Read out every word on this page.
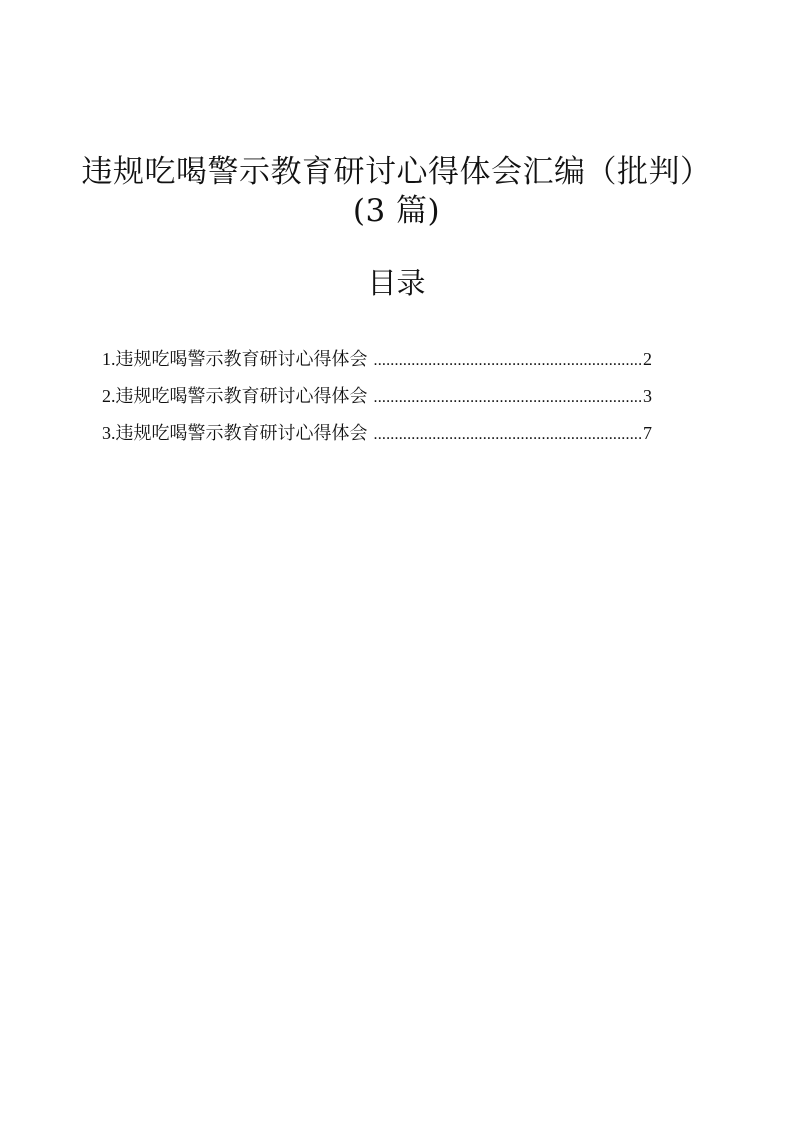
违规吃喝警示教育研讨心得体会汇编（批判）
(3 篇)
目录
1. 违规吃喝警示教育研讨心得体会 .....	2
2. 违规吃喝警示教育研讨心得体会 .....	3
3. 违规吃喝警示教育研讨心得体会 .....	7
